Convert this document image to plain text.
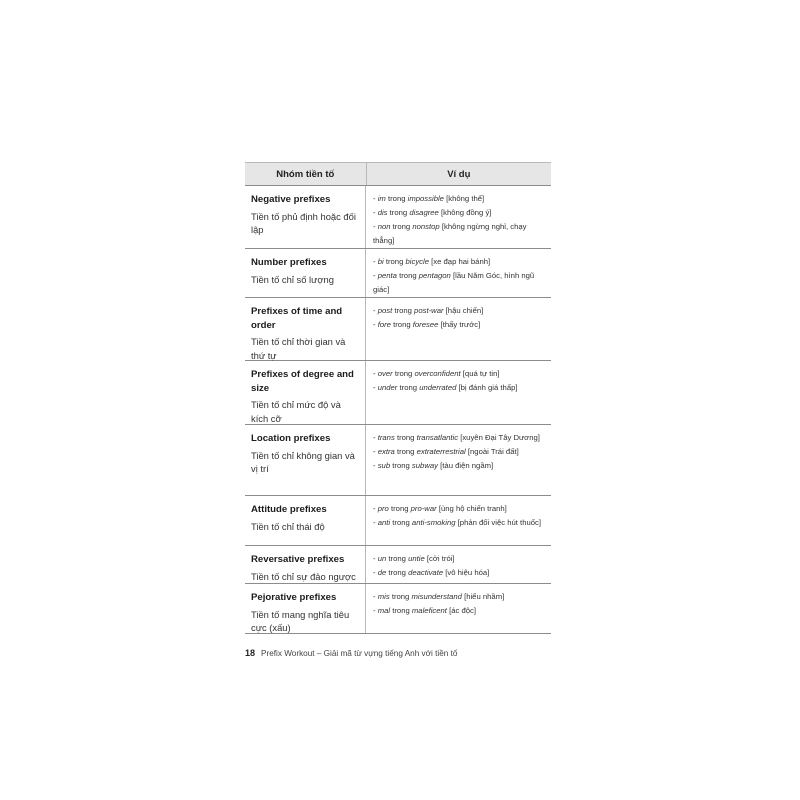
Nhóm tiền tố	Ví dụ
Negative prefixes
Tiền tố phủ định hoặc đối lập
- im trong impossible [không thể]
- dis trong disagree [không đồng ý]
- non trong nonstop [không ngừng nghỉ, chạy thẳng]
Number prefixes
Tiền tố chỉ số lượng
- bi trong bicycle [xe đạp hai bánh]
- penta trong pentagon [lầu Năm Góc, hình ngũ giác]
Prefixes of time and order
Tiền tố chỉ thời gian và thứ tự
- post trong post-war [hậu chiến]
- fore trong foresee [thấy trước]
Prefixes of degree and size
Tiền tố chỉ mức độ và kích cỡ
- over trong overconfident [quá tự tin]
- under trong underrated [bị đánh giá thấp]
Location prefixes
Tiền tố chỉ không gian và vị trí
- trans trong transatlantic [xuyên Đại Tây Dương]
- extra trong extraterrestrial [ngoài Trái đất]
- sub trong subway [tàu điện ngầm]
Attitude prefixes
Tiền tố chỉ thái độ
- pro trong pro-war [ủng hộ chiến tranh]
- anti trong anti-smoking [phản đối việc hút thuốc]
Reversative prefixes
Tiền tố chỉ sự đảo ngược
- un trong untie [cởi trói]
- de trong deactivate [vô hiệu hóa]
Pejorative prefixes
Tiền tố mang nghĩa tiêu cực (xấu)
- mis trong misunderstand [hiểu nhầm]
- mal trong maleficent [ác độc]
18 Prefix Workout – Giải mã từ vựng tiếng Anh với tiền tố
